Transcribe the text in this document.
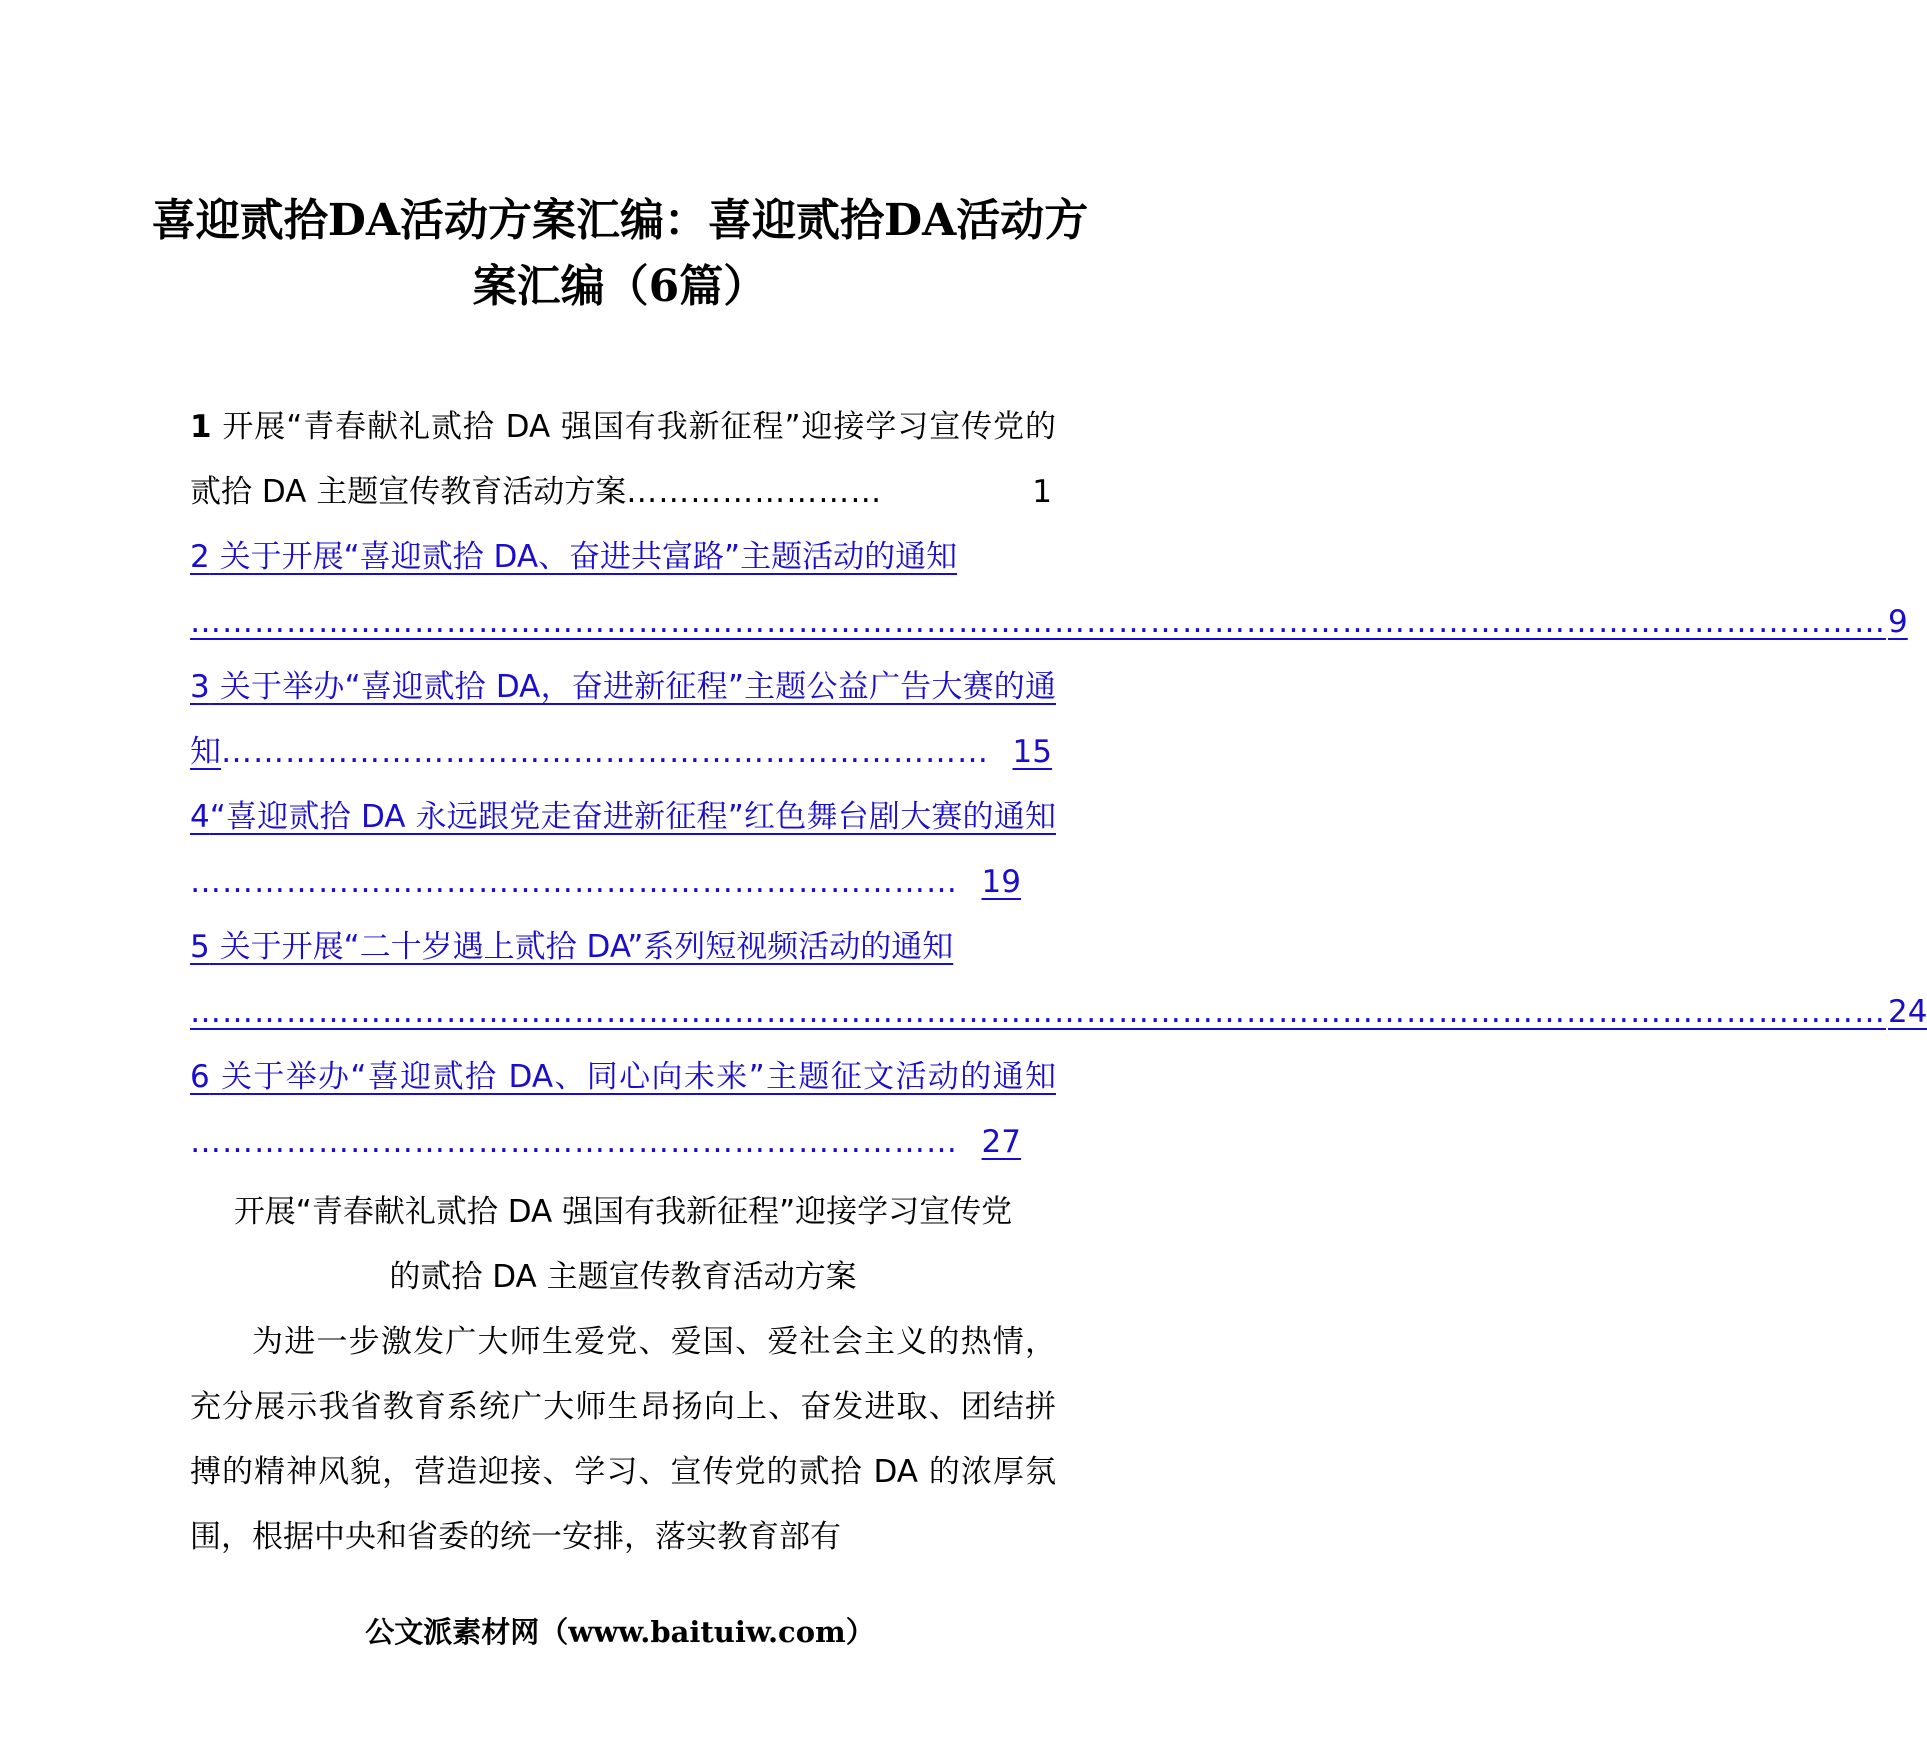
喜迎贰拾DA活动方案汇编：喜迎贰拾DA活动方案汇编（6篇）
1 开展“青春献礼贰拾 DA 强国有我新征程”迎接学习宣传党的贰拾 DA 主题宣传教育活动方案……………………	1
2 关于开展“喜迎贰拾 DA、奋进共富路”主题活动的通知
…………………………………………………………………………………………………………………………………………… 9
3 关于举办“喜迎贰拾 DA，奋进新征程”主题公益广告大赛的通知……………………………………………………………… 15
4“喜迎贰拾 DA 永远跟党走奋进新征程”红色舞台剧大赛的通知……………………………………………………………… 19
5 关于开展“二十岁遇上贰拾 DA”系列短视频活动的通知
…………………………………………………………………………………………………………………………………………… 24
6 关于举办“喜迎贰拾 DA、同心向未来”主题征文活动的通知……………………………………………………………… 27
开展“青春献礼贰拾 DA 强国有我新征程”迎接学习宣传党
的贰拾 DA 主题宣传教育活动方案

为进一步激发广大师生爱党、爱国、爱社会主义的热情，充分展示我省教育系统广大师生昂扬向上、奋发进取、团结拼搏的精神风貌，营造迎接、学习、宣传党的贰拾 DA 的浓厚氛围，根据中央和省委的统一安排，落实教育部有

公文派素材网（www.baituiw.com）
